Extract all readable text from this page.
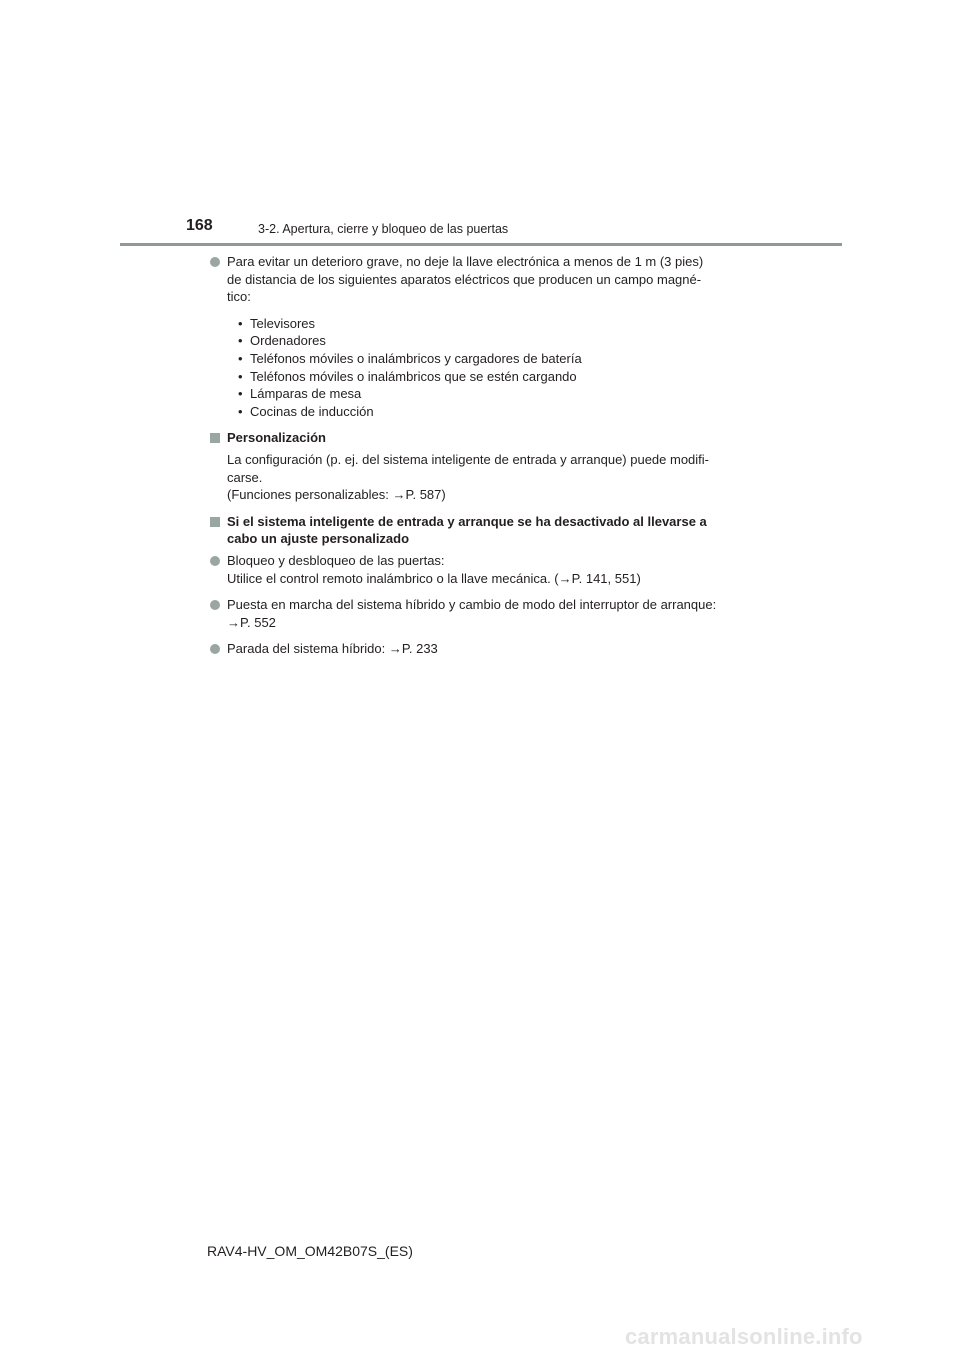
168	3-2. Apertura, cierre y bloqueo de las puertas
Para evitar un deterioro grave, no deje la llave electrónica a menos de 1 m (3 pies)
de distancia de los siguientes aparatos eléctricos que producen un campo magné-
tico:
• Televisores
• Ordenadores
• Teléfonos móviles o inalámbricos y cargadores de batería
• Teléfonos móviles o inalámbricos que se estén cargando
• Lámparas de mesa
• Cocinas de inducción
Personalización
La configuración (p. ej. del sistema inteligente de entrada y arranque) puede modifi-
carse.
(Funciones personalizables: →P. 587)
Si el sistema inteligente de entrada y arranque se ha desactivado al llevarse a
cabo un ajuste personalizado
Bloqueo y desbloqueo de las puertas:
Utilice el control remoto inalámbrico o la llave mecánica. (→P. 141, 551)
Puesta en marcha del sistema híbrido y cambio de modo del interruptor de arranque:
→P. 552
Parada del sistema híbrido: →P. 233
RAV4-HV_OM_OM42B07S_(ES)
carmanualsonline.info
